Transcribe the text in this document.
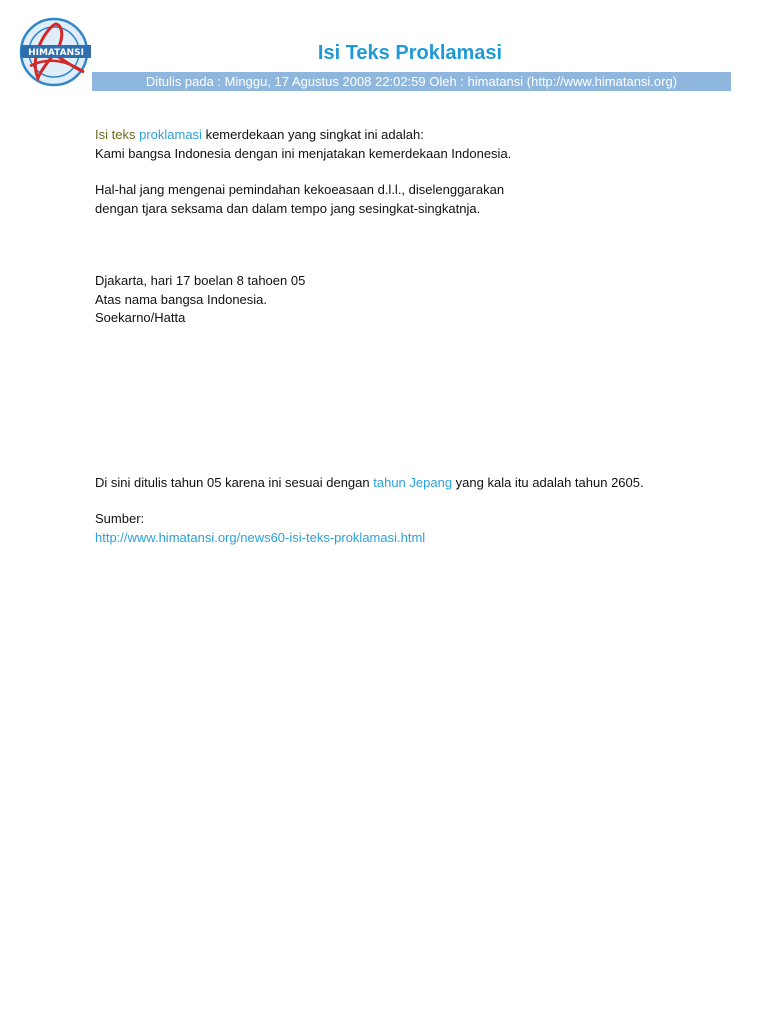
HIMATANSI	Isi Teks Proklamasi
Ditulis pada : Minggu, 17 Agustus 2008 22:02:59 Oleh : himatansi (http://www.himatansi.org)

Isi teks proklamasi kemerdekaan yang singkat ini adalah:

Kami bangsa Indonesia dengan ini menjatakan kemerdekaan Indonesia.

Hal-hal jang mengenai pemindahan kekoeasaan d.l.l., diselenggarakan

dengan tjara seksama dan dalam tempo jang sesingkat-singkatnja.

Djakarta, hari 17 boelan 8 tahoen 05

Atas nama bangsa Indonesia.

Soekarno/Hatta

Di sini ditulis tahun 05 karena ini sesuai dengan tahun Jepang yang kala itu adalah tahun 2605.

Sumber:

http://www.himatansi.org/news60-isi-teks-proklamasi.html
